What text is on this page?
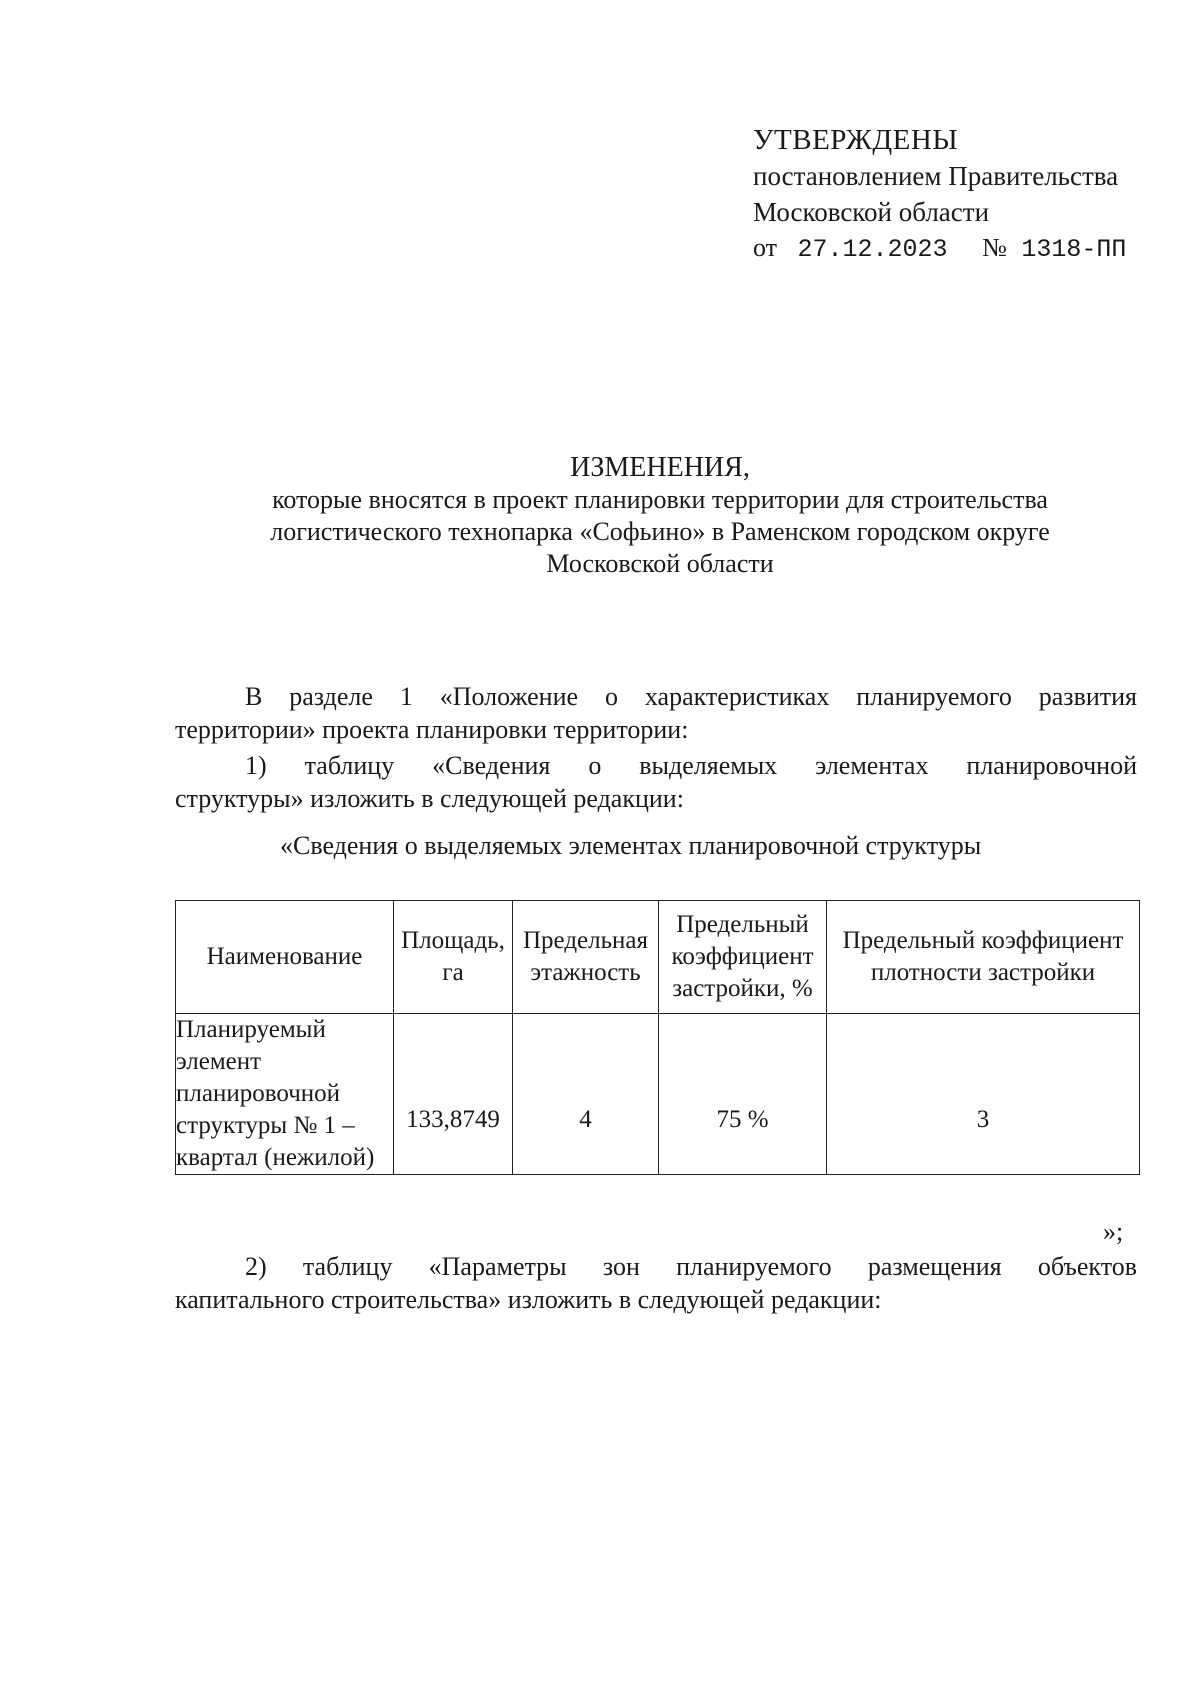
УТВЕРЖДЕНЫ
постановлением Правительства
Московской области
от 27.12.2023 № 1318-ПП
ИЗМЕНЕНИЯ,
которые вносятся в проект планировки территории для строительства
логистического технопарка «Софьино» в Раменском городском округе
Московской области
В разделе 1 «Положение о характеристиках планируемого развития
территории» проекта планировки территории:
1) таблицу «Сведения о выделяемых элементах планировочной
структуры» изложить в следующей редакции:
«Сведения о выделяемых элементах планировочной структуры
Наименование	Площадь, га	Предельная этажность	Предельный коэффициент застройки, %	Предельный коэффициент плотности застройки
Планируемый элемент планировочной структуры № 1 – квартал (нежилой)	133,8749	4	75 %	3
»;
2) таблицу «Параметры зон планируемого размещения объектов
капитального строительства» изложить в следующей редакции:
